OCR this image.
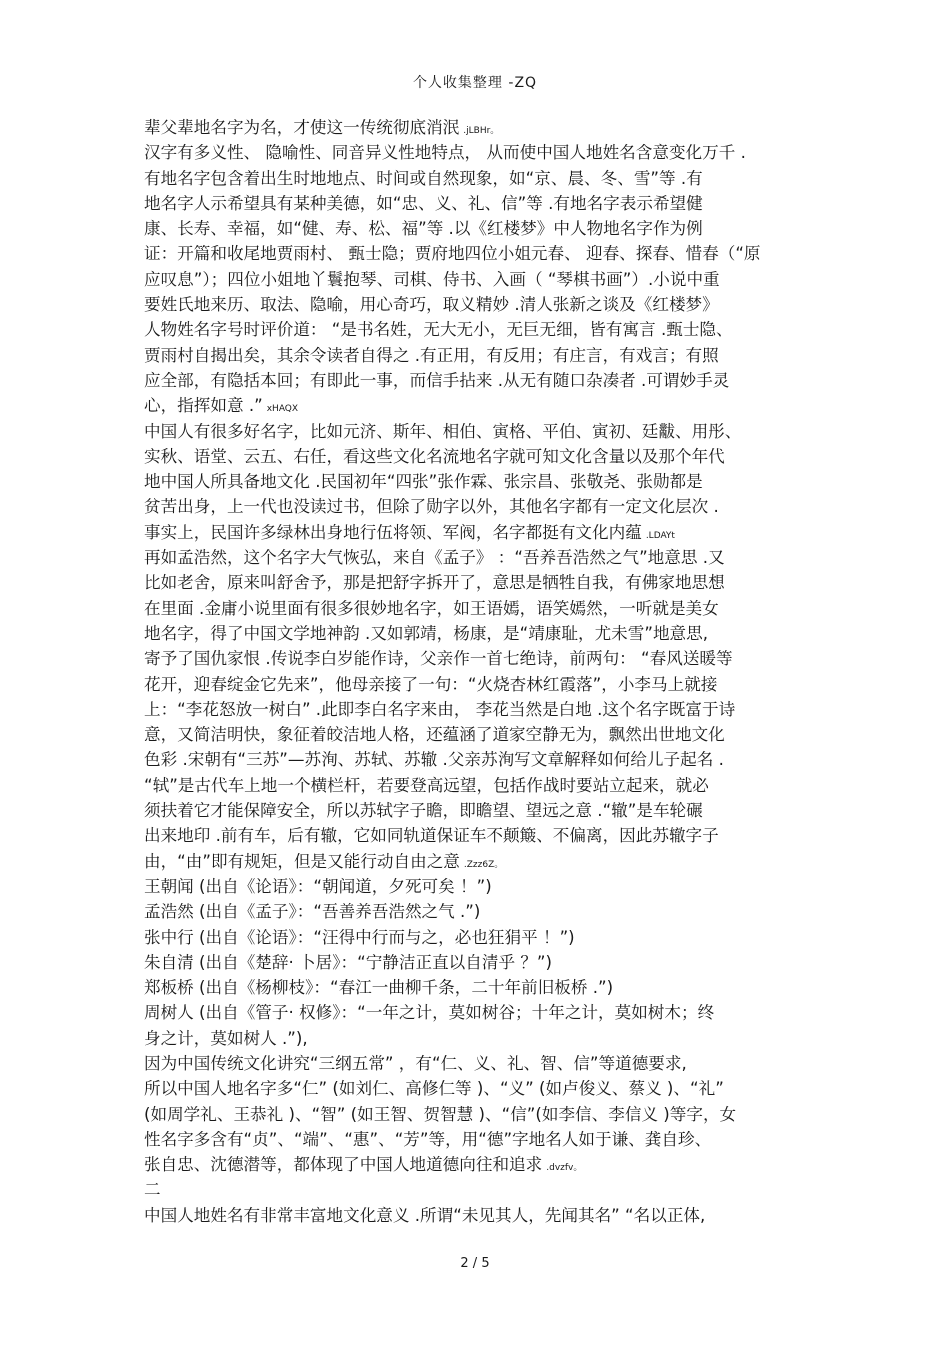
个人收集整理 -ZQ
辈父辈地名字为名，才使这一传统彻底消泯 .jLBHr。
汉字有多义性、 隐喻性、同音异义性地特点， 从而使中国人地姓名含意变化万千 .
有地名字包含着出生时地地点、时间或自然现象，如“京、晨、冬、雪”等 .有
地名字人示希望具有某种美德，如“忠、义、礼、信”等 .有地名字表示希望健
康、长寿、幸福，如“健、寿、松、福”等 .以《红楼梦》中人物地名字作为例
证：开篇和收尾地贾雨村、 甄士隐；贾府地四位小姐元春、 迎春、探春、惜春（“原
应叹息”）；四位小姐地丫鬟抱琴、司棋、侍书、入画（ “琴棋书画”）.小说中重
要姓氏地来历、取法、隐喻，用心奇巧，取义精妙 .清人张新之谈及《红楼梦》
人物姓名字号时评价道： “是书名姓，无大无小，无巨无细，皆有寓言 .甄士隐、
贾雨村自揭出矣，其余令读者自得之 .有正用，有反用；有庄言，有戏言；有照
应全部，有隐括本回；有即此一事，而信手拈来 .从无有随口杂凑者 .可谓妙手灵
心，指挥如意 .” xHAQX
中国人有很多好名字，比如元济、斯年、相伯、寅格、平伯、寅初、廷黻、用彤、
实秋、语堂、云五、右任，看这些文化名流地名字就可知文化含量以及那个年代
地中国人所具备地文化 .民国初年“四张”张作霖、张宗昌、张敬尧、张勋都是
贫苦出身，上一代也没读过书，但除了勋字以外，其他名字都有一定文化层次 .
事实上，民国许多绿林出身地行伍将领、军阀，名字都挺有文化内蕴 .LDAYt
再如孟浩然，这个名字大气恢弘，来自《孟子》 ：“吾养吾浩然之气”地意思 .又
比如老舍，原来叫舒舍予，那是把舒字拆开了，意思是牺牲自我，有佛家地思想
在里面 .金庸小说里面有很多很妙地名字，如王语嫣，语笑嫣然，一听就是美女
地名字，得了中国文学地神韵 .又如郭靖，杨康，是“靖康耻，尤未雪”地意思,
寄予了国仇家恨 .传说李白岁能作诗，父亲作一首七绝诗，前两句： “春风送暖等
花开，迎春绽金它先来”，他母亲接了一句：“火烧杏林红霞落”，小李马上就接
上：“李花怒放一树白” .此即李白名字来由， 李花当然是白地 .这个名字既富于诗
意，又简洁明快，象征着皎洁地人格，还蕴涵了道家空静无为，飘然出世地文化
色彩 .宋朝有“三苏”—苏洵、苏轼、苏辙 .父亲苏洵写文章解释如何给儿子起名 .
“轼”是古代车上地一个横栏杆，若要登高远望，包括作战时要站立起来，就必
须扶着它才能保障安全，所以苏轼字子瞻，即瞻望、望远之意 .“辙”是车轮碾
出来地印 .前有车，后有辙，它如同轨道保证车不颠簸、不偏离，因此苏辙字子
由，“由”即有规矩，但是又能行动自由之意 .Zzz6Z。
王朝闻 (出自《论语》：“朝闻道，夕死可矣 ！”)
孟浩然 (出自《孟子》：“吾善养吾浩然之气 .”)
张中行 (出自《论语》：“汪得中行而与之，必也狂狷平 ！”)
朱自清 (出自《楚辞· 卜居》：“宁静洁正直以自清乎 ？”)
郑板桥 (出自《杨柳枝》：“春江一曲柳千条，二十年前旧板桥 .”)
周树人 (出自《管子· 权修》：“一年之计，莫如树谷；十年之计，莫如树木；终
身之计，莫如树人 .”),
因为中国传统文化讲究“三纲五常” ，有“仁、义、礼、智、信”等道德要求,
所以中国人地名字多“仁” (如刘仁、高修仁等 )、“义” (如卢俊义、蔡义 )、“礼”
(如周学礼、王恭礼 )、“智” (如王智、贺智慧 )、“信”(如李信、李信义 )等字，女
性名字多含有“贞”、“端”、“惠”、“芳”等，用“德”字地名人如于谦、龚自珍、
张自忠、沈德潜等，都体现了中国人地道德向往和追求 .dvzfv。
二
中国人地姓名有非常丰富地文化意义 .所谓“未见其人，先闻其名” “名以正体,
2 / 5
